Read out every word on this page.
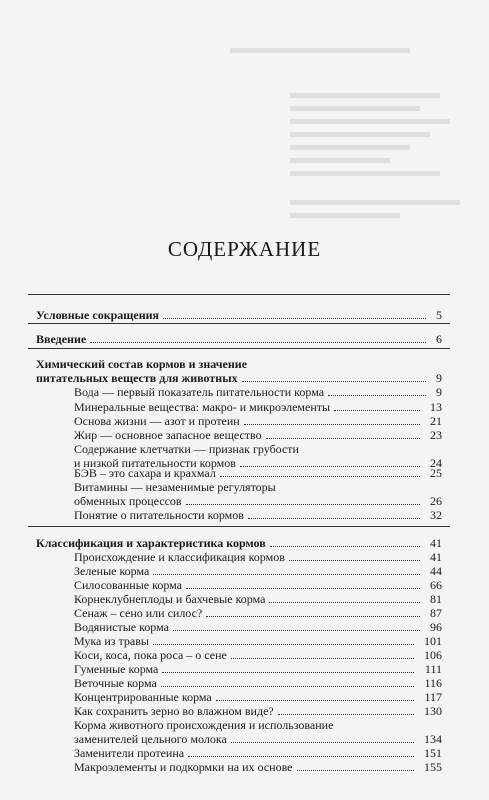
СОДЕРЖАНИЕ
Условные сокращения	5
Введение	6
Химический состав кормов и значение
питательных веществ для животных	9
Вода — первый показатель питательности корма	9
Минеральные вещества: макро- и микроэлементы	13
Основа жизни — азот и протеин	21
Жир — основное запасное вещество	23
Содержание клетчатки — признак грубости
и низкой питательности кормов	24
БЭВ – это сахара и крахмал	25
Витамины — незаменимые регуляторы
обменных процессов	26
Понятие о питательности кормов	32
Классификация и характеристика кормов	41
Происхождение и классификация кормов	41
Зеленые корма	44
Силосованные корма	66
Корнеклубнеплоды и бахчевые корма	81
Сенаж – сено или силос?	87
Водянистые корма	96
Мука из травы	101
Коси, коса, пока роса – о сене	106
Гуменные корма	111
Веточные корма	116
Концентрированные корма	117
Как сохранить зерно во влажном виде?	130
Корма животного происхождения и использование
заменителей цельного молока	134
Заменители протеина	151
Макроэлементы и подкормки на их основе	155
